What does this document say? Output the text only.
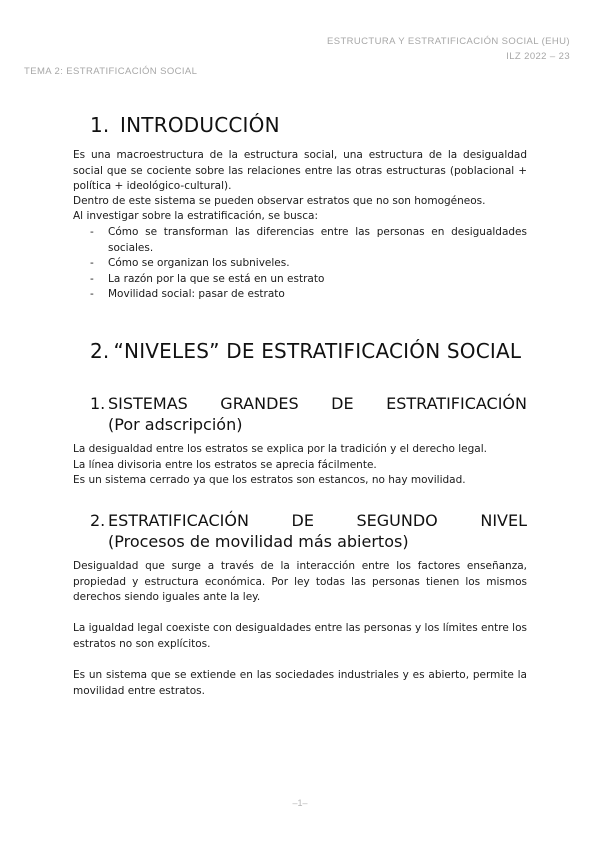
ESTRUCTURA Y ESTRATIFICACIÓN SOCIAL (EHU)
ILZ 2022 – 23
TEMA 2: ESTRATIFICACIÓN SOCIAL
1. INTRODUCCIÓN

Es una macroestructura de la estructura social, una estructura de la desigualdad social que se cociente sobre las relaciones entre las otras estructuras (poblacional + política + ideológico-cultural).

Dentro de este sistema se pueden observar estratos que no son homogéneos.

Al investigar sobre la estratificación, se busca:

-	Cómo se transforman las diferencias entre las personas en desigualdades sociales.
-	Cómo se organizan los subniveles.
-	La razón por la que se está en un estrato
-	Movilidad social: pasar de estrato
2. “NIVELES” DE ESTRATIFICACIÓN SOCIAL
1. SISTEMAS GRANDES DE ESTRATIFICACIÓN
(Por adscripción)

La desigualdad entre los estratos se explica por la tradición y el derecho legal.
La línea divisoria entre los estratos se aprecia fácilmente.
Es un sistema cerrado ya que los estratos son estancos, no hay movilidad.

2. ESTRATIFICACIÓN DE SEGUNDO NIVEL
(Procesos de movilidad más abiertos)

Desigualdad que surge a través de la interacción entre los factores enseñanza, propiedad y estructura económica. Por ley todas las personas tienen los mismos derechos siendo iguales ante la ley.

La igualdad legal coexiste con desigualdades entre las personas y los límites entre los estratos no son explícitos.

Es un sistema que se extiende en las sociedades industriales y es abierto, permite la movilidad entre estratos.

–1–
